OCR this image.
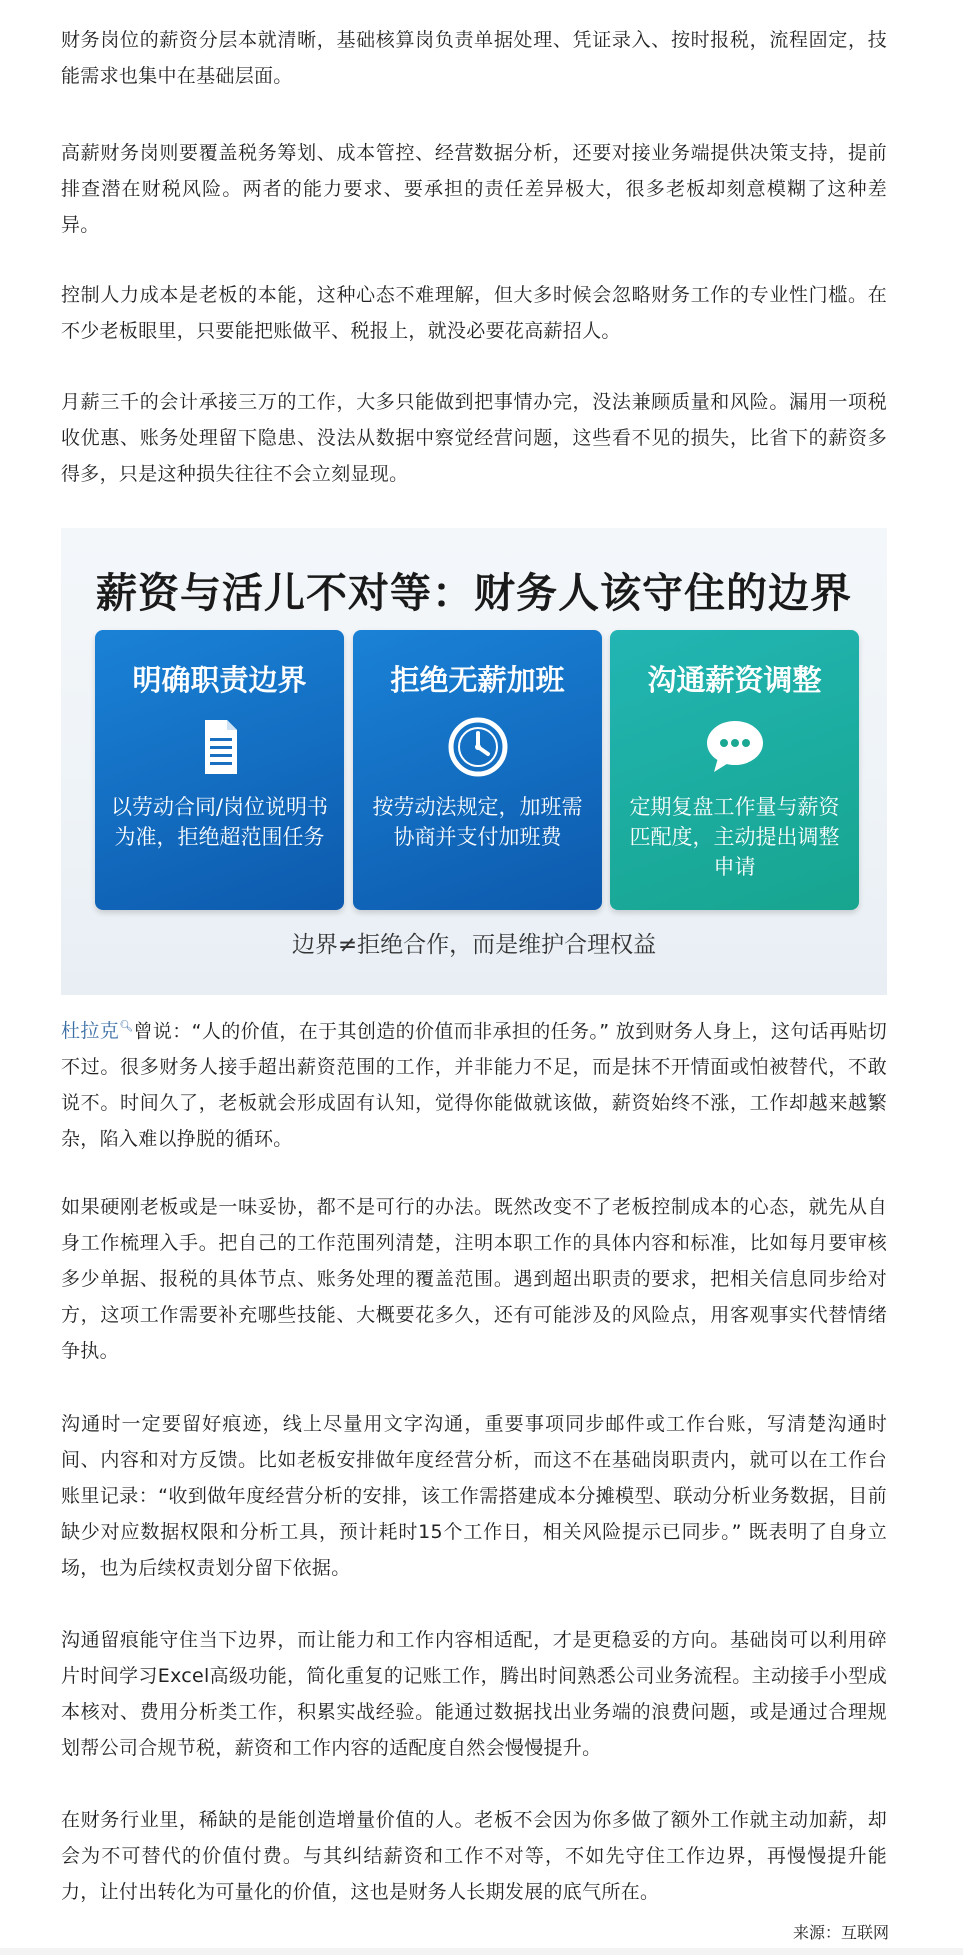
财务岗位的薪资分层本就清晰，基础核算岗负责单据处理、凭证录入、按时报税，流程固定，技能需求也集中在基础层面。

高薪财务岗则要覆盖税务筹划、成本管控、经营数据分析，还要对接业务端提供决策支持，提前排查潜在财税风险。两者的能力要求、要承担的责任差异极大，很多老板却刻意模糊了这种差异。

控制人力成本是老板的本能，这种心态不难理解，但大多时候会忽略财务工作的专业性门槛。在不少老板眼里，只要能把账做平、税报上，就没必要花高薪招人。

月薪三千的会计承接三万的工作，大多只能做到把事情办完，没法兼顾质量和风险。漏用一项税收优惠、账务处理留下隐患、没法从数据中察觉经营问题，这些看不见的损失，比省下的薪资多得多，只是这种损失往往不会立刻显现。

薪资与活儿不对等：财务人该守住的边界
明确职责边界
以劳动合同/岗位说明书为准，拒绝超范围任务
拒绝无薪加班
按劳动法规定，加班需协商并支付加班费
沟通薪资调整
定期复盘工作量与薪资匹配度，主动提出调整申请
边界≠拒绝合作，而是维护合理权益

杜拉克🔍︎曾说：“人的价值，在于其创造的价值而非承担的任务。” 放到财务人身上，这句话再贴切不过。很多财务人接手超出薪资范围的工作，并非能力不足，而是抹不开情面或怕被替代，不敢说不。时间久了，老板就会形成固有认知，觉得你能做就该做，薪资始终不涨，工作却越来越繁杂，陷入难以挣脱的循环。

如果硬刚老板或是一味妥协，都不是可行的办法。既然改变不了老板控制成本的心态，就先从自身工作梳理入手。把自己的工作范围列清楚，注明本职工作的具体内容和标准，比如每月要审核多少单据、报税的具体节点、账务处理的覆盖范围。遇到超出职责的要求，把相关信息同步给对方，这项工作需要补充哪些技能、大概要花多久，还有可能涉及的风险点，用客观事实代替情绪争执。

沟通时一定要留好痕迹，线上尽量用文字沟通，重要事项同步邮件或工作台账，写清楚沟通时间、内容和对方反馈。比如老板安排做年度经营分析，而这不在基础岗职责内，就可以在工作台账里记录：“收到做年度经营分析的安排，该工作需搭建成本分摊模型、联动分析业务数据，目前缺少对应数据权限和分析工具，预计耗时15个工作日，相关风险提示已同步。” 既表明了自身立场，也为后续权责划分留下依据。

沟通留痕能守住当下边界，而让能力和工作内容相适配，才是更稳妥的方向。基础岗可以利用碎片时间学习Excel高级功能，简化重复的记账工作，腾出时间熟悉公司业务流程。主动接手小型成本核对、费用分析类工作，积累实战经验。能通过数据找出业务端的浪费问题，或是通过合理规划帮公司合规节税，薪资和工作内容的适配度自然会慢慢提升。

在财务行业里，稀缺的是能创造增量价值的人。老板不会因为你多做了额外工作就主动加薪，却会为不可替代的价值付费。与其纠结薪资和工作不对等，不如先守住工作边界，再慢慢提升能力，让付出转化为可量化的价值，这也是财务人长期发展的底气所在。

来源：互联网
